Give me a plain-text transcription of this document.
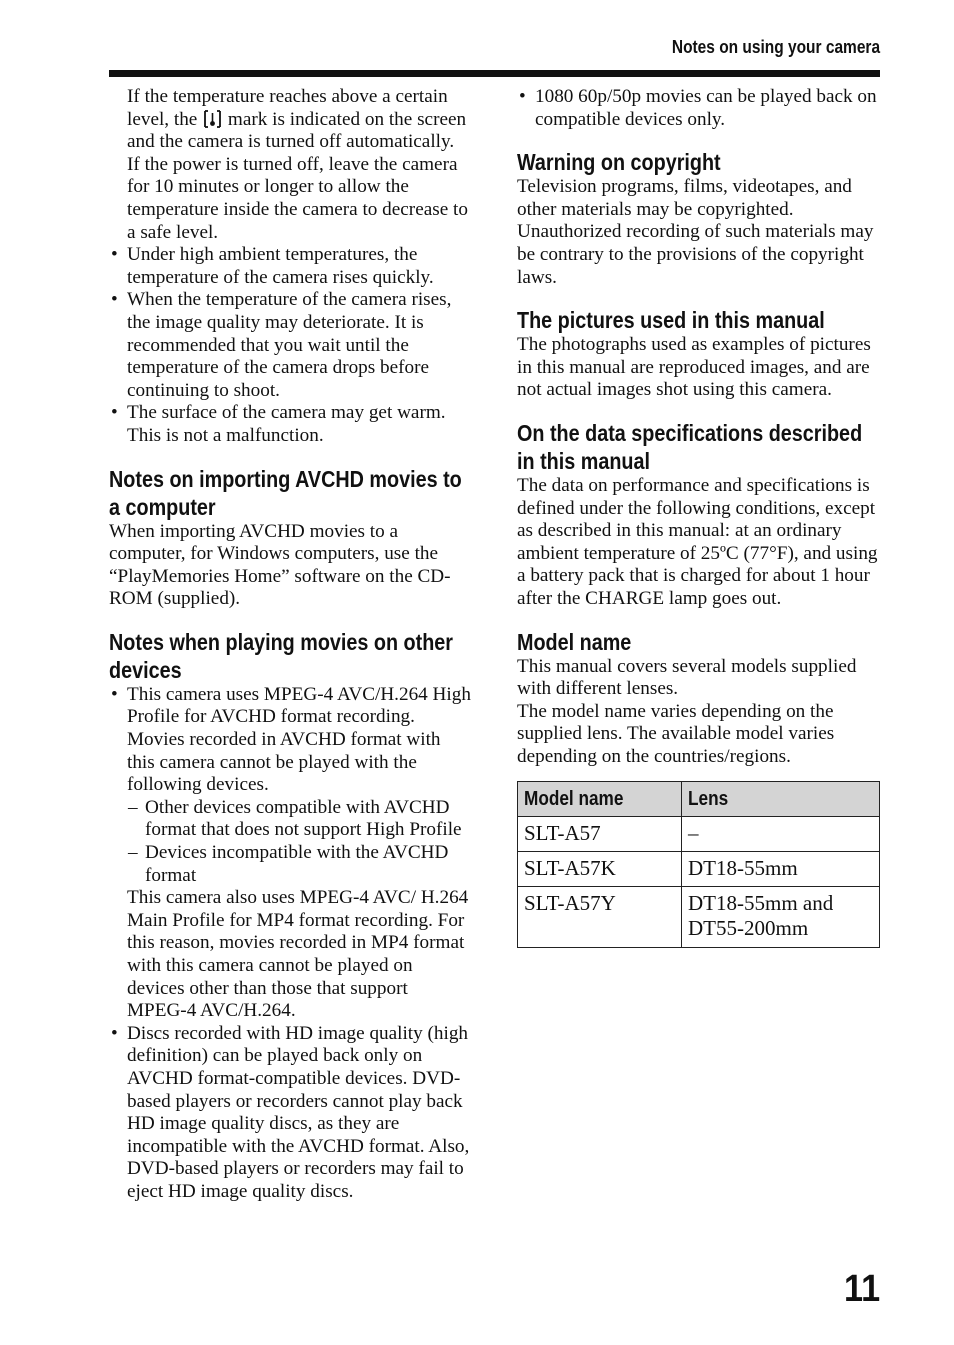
Notes on using your camera

If the temperature reaches above a certain level, the mark is indicated on the screen and the camera is turned off automatically. If the power is turned off, leave the camera for 10 minutes or longer to allow the temperature inside the camera to decrease to a safe level.

• Under high ambient temperatures, the temperature of the camera rises quickly.
• When the temperature of the camera rises, the image quality may deteriorate. It is recommended that you wait until the temperature of the camera drops before continuing to shoot.
• The surface of the camera may get warm. This is not a malfunction.
Notes on importing AVCHD movies to a computer

When importing AVCHD movies to a computer, for Windows computers, use the “PlayMemories Home” software on the CD-ROM (supplied).

Notes when playing movies on other devices
• This camera uses MPEG-4 AVC/H.264 High Profile for AVCHD format recording. Movies recorded in AVCHD format with this camera cannot be played with the following devices.
– Other devices compatible with AVCHD format that does not support High Profile
– Devices incompatible with the AVCHD format
This camera also uses MPEG-4 AVC/ H.264 Main Profile for MP4 format recording. For this reason, movies recorded in MP4 format with this camera cannot be played on devices other than those that support MPEG-4 AVC/H.264.
• Discs recorded with HD image quality (high definition) can be played back only on AVCHD format-compatible devices. DVD-based players or recorders cannot play back HD image quality discs, as they are incompatible with the AVCHD format. Also, DVD-based players or recorders may fail to eject HD image quality discs.
• 1080 60p/50p movies can be played back on compatible devices only.
Warning on copyright

Television programs, films, videotapes, and other materials may be copyrighted. Unauthorized recording of such materials may be contrary to the provisions of the copyright laws.

The pictures used in this manual

The photographs used as examples of pictures in this manual are reproduced images, and are not actual images shot using this camera.

On the data specifications described in this manual

The data on performance and specifications is defined under the following conditions, except as described in this manual: at an ordinary ambient temperature of 25ºC (77°F), and using a battery pack that is charged for about 1 hour after the CHARGE lamp goes out.

Model name

This manual covers several models supplied with different lenses.

The model name varies depending on the supplied lens. The available model varies depending on the countries/regions.

Model name	Lens
SLT-A57	–
SLT-A57K	DT18-55mm
SLT-A57Y	DT18-55mm and DT55-200mm
11
